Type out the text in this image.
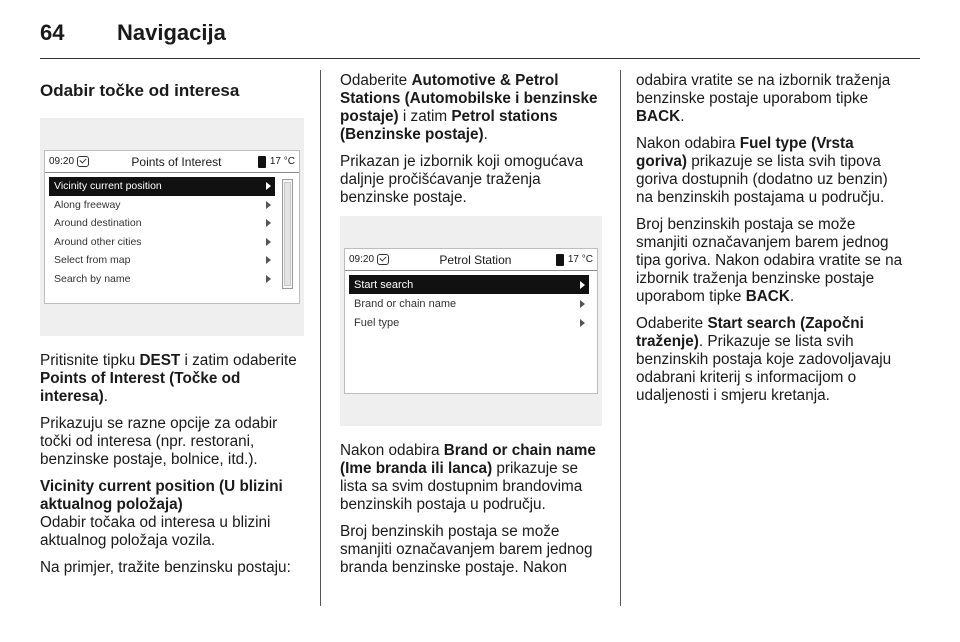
64	Navigacija
Odabir točke od interesa
09:20	Points of Interest	17 °C
Vicinity current position
Along freeway
Around destination
Around other cities
Select from map
Search by name

Pritisnite tipku DEST i zatim odaberite Points of Interest (Točke od interesa).

Prikazuju se razne opcije za odabir točki od interesa (npr. restorani, benzinske postaje, bolnice, itd.).

Vicinity current position (U blizini aktualnog položaja)

Odabir točaka od interesa u blizini aktualnog položaja vozila.

Na primjer, tražite benzinsku postaju:

Odaberite Automotive & Petrol Stations (Automobilske i benzinske postaje) i zatim Petrol stations (Benzinske postaje).

Prikazan je izbornik koji omogućava daljnje pročišćavanje traženja benzinske postaje.

09:20	Petrol Station	17 °C
Start search
Brand or chain name
Fuel type

Nakon odabira Brand or chain name (Ime branda ili lanca) prikazuje se lista sa svim dostupnim brandovima benzinskih postaja u području.

Broj benzinskih postaja se može smanjiti označavanjem barem jednog branda benzinske postaje. Nakon

odabira vratite se na izbornik traženja benzinske postaje uporabom tipke BACK.

Nakon odabira Fuel type (Vrsta goriva) prikazuje se lista svih tipova goriva dostupnih (dodatno uz benzin) na benzinskih postajama u području.

Broj benzinskih postaja se može smanjiti označavanjem barem jednog tipa goriva. Nakon odabira vratite se na izbornik traženja benzinske postaje uporabom tipke BACK.

Odaberite Start search (Započni traženje). Prikazuje se lista svih benzinskih postaja koje zadovoljavaju odabrani kriterij s informacijom o udaljenosti i smjeru kretanja.
